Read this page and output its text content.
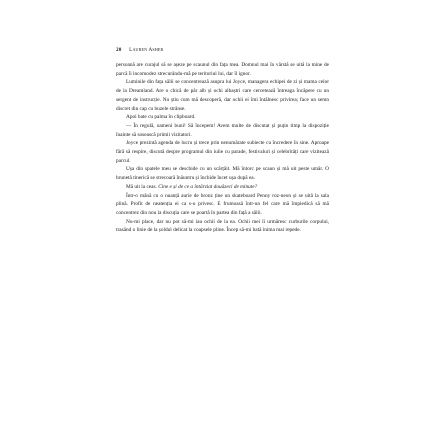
20 Lauren Asher

persoană are curajul să se așeze pe scaunul din fața mea. Domnul mai în vârstă se uită la mine de parcă îi incomodez strecurându-mă pe teritoriul lui, dar îl ignor.

Luminile din fața sălii se concentrează asupra lui Joyce, managera echipei de zi și mama celor de la Dreamland. Are o chică de păr alb și ochi albaștri care cercetează întreaga încăpere cu un sergent de instrucție. Nu știu cum mă descoperă, dar ochii ei îmi întâlnesc privirea; face un semn discret din cap cu buzele strânse.

Apoi bate cu palma în clipboard.

— În regulă, oameni buni! Să începem! Avem multe de discutat și puțin timp la dispoziție înainte să sosească primii vizitatori.

Joyce prezintă agenda de lucru și trece prin nenumărate subiecte cu încredere în sine. Aproape fără să respire, discută despre programul din iulie cu parade, festivaluri și celebrități care vizitează parcul.

Ușa din spatele meu se deschide cu un scârțâit. Mă întorc pe scaun și mă uit peste umăr. O brunetă tinerică se strecoară înăuntru și închide încet ușa după ea.

Mă uit la ceas. Cine e și de ce a întârziat douăzeci de minute?

Într-o mână cu o nuanță aurie de bronz ține un skateboard Penny roz-neon și se uită la sala plină. Profit de neatenția ei ca s-o privesc. E frumoasă într-un fel care mă împiedică să mă concentrez din nou la discuția care se poartă în partea din față a sălii.

Nu-mi place, dar nu pot să-mi iau ochii de la ea. Ochii mei îi urmăresc curburile corpului, trasând o linie de la șoldul delicat la coapsele pline. Încep să-mi bată inima mai repede.
